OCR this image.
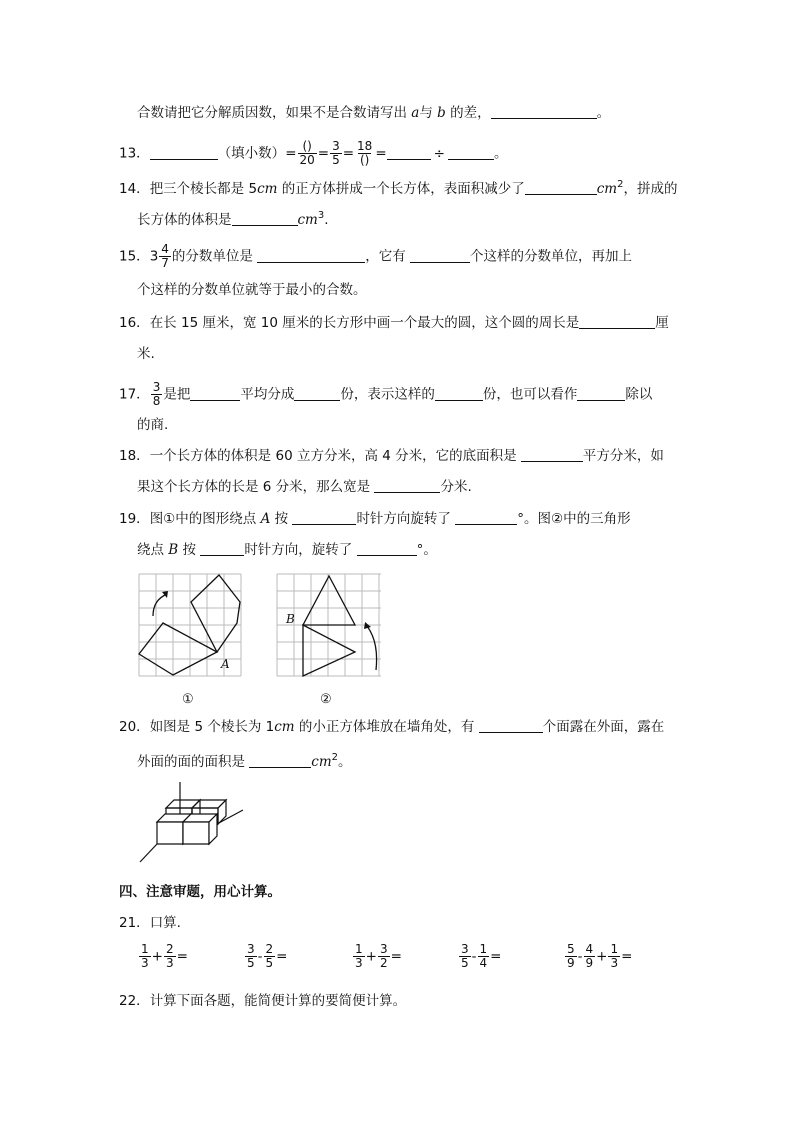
合数请把它分解质因数，如果不是合数请写出 a与 b 的差，	。
13．	（填小数）= $\frac{()}{20} = \frac{3}{5} = \frac{18}{()}$ =	÷	。
14．把三个棱长都是 5cm 的正方体拼成一个长方体，表面积减少了	$cm^2$，拼成的
长方体的体积是	$cm^3$.
15．$3 \frac{4}{7}$ 的分数单位是	，它有	个这样的分数单位，再加上
个这样的分数单位就等于最小的合数。
16．在长 15 厘米，宽 10 厘米的长方形中画一个最大的圆，这个圆的周长是	厘
米.
17． $\frac{3}{8}$ 是把	平均分成	份，表示这样的	份，也可以看作	除以
的商.
18．一个长方体的体积是 60 立方分米，高 4 分米，它的底面积是	平方分米，如
果这个长方体的长是 6 分米，那么宽是	分米.
19．图①中的图形绕点 A 按	时针方向旋转了	°。图②中的三角形
绕点 B 按	时针方向，旋转了	°。
A
①
B
②
20．如图是 5 个棱长为 1cm 的小正方体堆放在墙角处，有	个面露在外面，露在
外面的面的面积是	$cm^2$。
四、注意审题，用心计算。
21．口算.
$\frac{1}{3} + \frac{2}{3}$ =	$\frac{3}{5} - \frac{2}{5}$ =	$\frac{1}{3} + \frac{3}{2}$ =	$\frac{3}{5} - \frac{1}{4}$ =	$\frac{5}{9} - \frac{4}{9} + \frac{1}{3}$ =
22．计算下面各题，能简便计算的要简便计算。
